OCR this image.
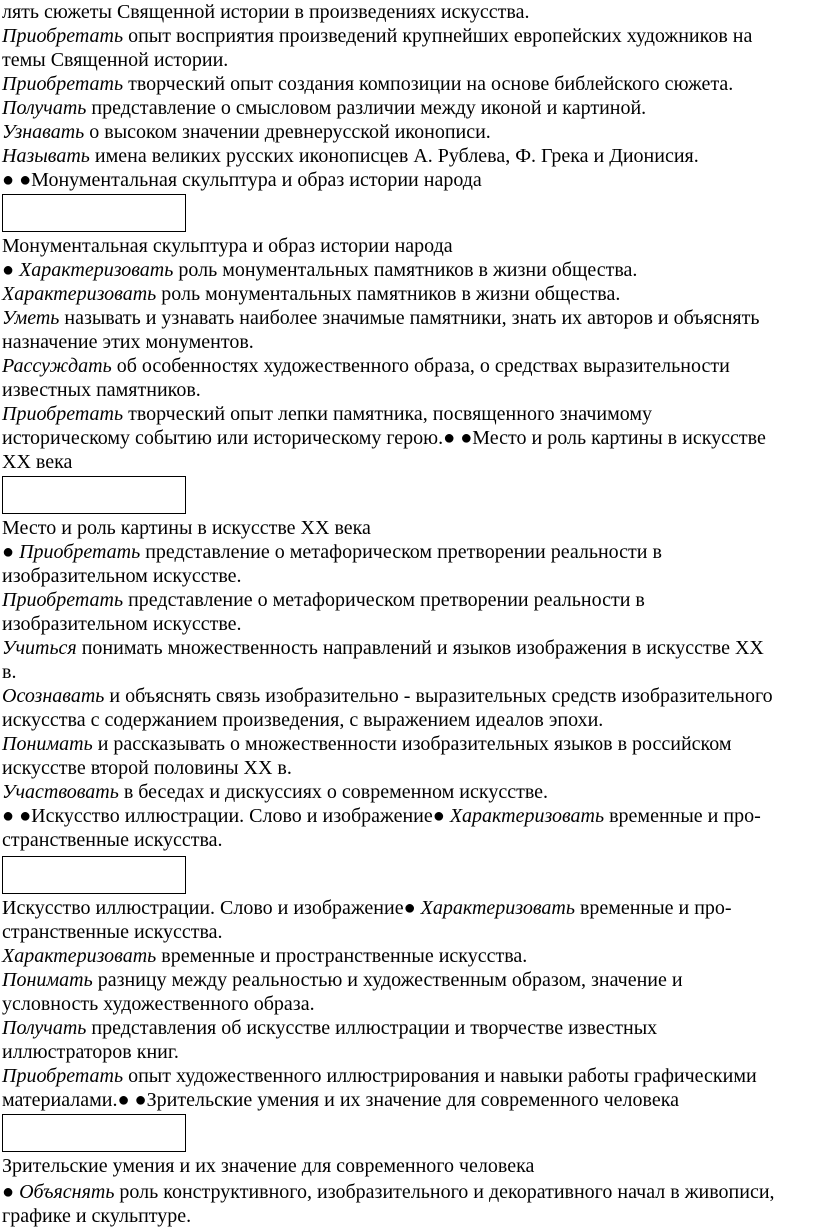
лять сюжеты Священной истории в произведениях искусства.
Приобретать опыт восприятия произведений крупнейших европейских художников на
темы Священной истории.
Приобретать творческий опыт создания композиции на основе библейского сюжета.
Получать представление о смысловом различии между иконой и картиной.
Узнавать о высоком значении древнерусской иконописи.
Называть имена великих русских иконописцев А. Рублева, Ф. Грека и Дионисия.
● ●Монументальная скульптура и образ истории народа
Монументальная скульптура и образ истории народа
● Характеризовать роль монументальных памятников в жизни общества.
Характеризовать роль монументальных памятников в жизни общества.
Уметь называть и узнавать наиболее значимые памятники, знать их авторов и объяснять
назначение этих монументов.
Рассуждать об особенностях художественного образа, о средствах выразительности
известных памятников.
Приобретать творческий опыт лепки памятника, посвященного значимому
историческому событию или историческому герою.● ●Место и роль картины в искусстве
XX века
Место и роль картины в искусстве XX века
● Приобретать представление о метафорическом претворении реальности в
изобразительном искусстве.
Приобретать представление о метафорическом претворении реальности в
изобразительном искусстве.
Учиться понимать множественность направлений и языков изображения в искусстве XX
в.
Осознавать и объяснять связь изобразительно - выразительных средств изобразительного
искусства с содержанием произведения, с выражением идеалов эпохи.
Понимать и рассказывать о множественности изобразительных языков в российском
искусстве второй половины XX в.
Участвовать в беседах и дискуссиях о современном искусстве.
● ●Искусство иллюстрации. Слово и изображение● Характеризовать временные и про-
странственные искусства.
Искусство иллюстрации. Слово и изображение● Характеризовать временные и про-
странственные искусства.
Характеризовать временные и пространственные искусства.
Понимать разницу между реальностью и художественным образом, значение и
условность художественного образа.
Получать представления об искусстве иллюстрации и творчестве известных
иллюстраторов книг.
Приобретать опыт художественного иллюстрирования и навыки работы графическими
материалами.● ●Зрительские умения и их значение для современного человека
Зрительские умения и их значение для современного человека
● Объяснять роль конструктивного, изобразительного и декоративного начал в живописи,
графике и скульптуре.
